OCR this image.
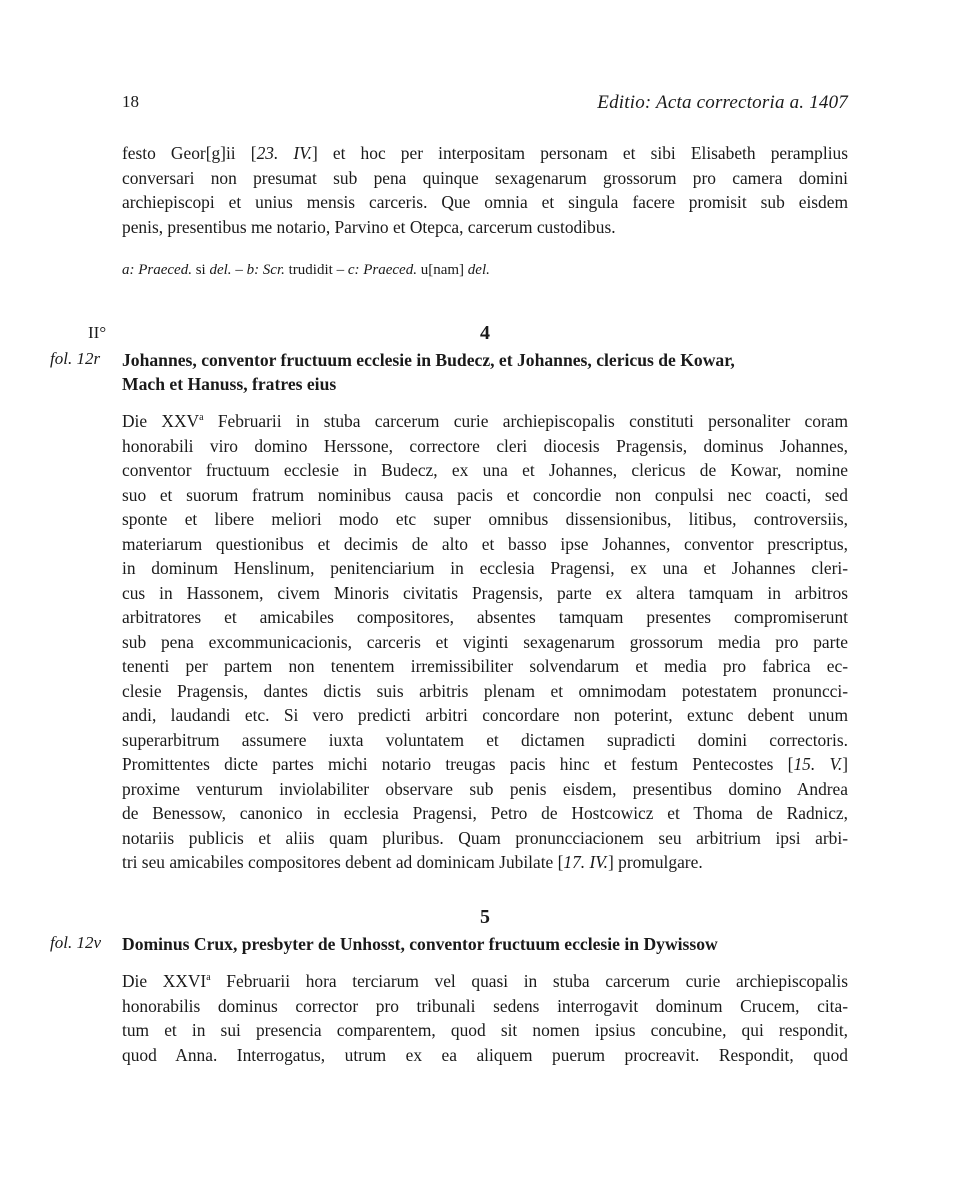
18	Editio: Acta correctoria a. 1407
festo Geor[g]ii [23. IV.] et hoc per interpositam personam et sibi Elisabeth peramplius
conversari non presumat sub pena quinque sexagenarum grossorum pro camera domini
archiepiscopi et unius mensis carceris. Que omnia et singula facere promisit sub eisdem
penis, presentibus me notario, Parvino et Otepca, carcerum custodibus.
a: Praeced. si del. – b: Scr. trudidit – c: Praeced. u[nam] del.
II°	4
fol. 12r Johannes, conventor fructuum ecclesie in Budecz, et Johannes, clericus de Kowar,
Mach et Hanuss, fratres eius
Die XXV$^a$ Februarii in stuba carcerum curie archiepiscopalis constituti personaliter coram
honorabili viro domino Herssone, correctore cleri diocesis Pragensis, dominus Johannes,
conventor fructuum ecclesie in Budecz, ex una et Johannes, clericus de Kowar, nomine
suo et suorum fratrum nominibus causa pacis et concordie non conpulsi nec coacti, sed
sponte et libere meliori modo etc super omnibus dissensionibus, litibus, controversiis,
materiarum questionibus et decimis de alto et basso ipse Johannes, conventor prescriptus,
in dominum Henslinum, penitenciarium in ecclesia Pragensi, ex una et Johannes cleri-
cus in Hassonem, civem Minoris civitatis Pragensis, parte ex altera tamquam in arbitros
arbitratores et amicabiles compositores, absentes tamquam presentes compromiserunt
sub pena excommunicacionis, carceris et viginti sexagenarum grossorum media pro parte
tenenti per partem non tenentem irremissibiliter solvendarum et media pro fabrica ec-
clesie Pragensis, dantes dictis suis arbitris plenam et omnimodam potestatem pronuncci-
andi, laudandi etc. Si vero predicti arbitri concordare non poterint, extunc debent unum
superarbitrum assumere iuxta voluntatem et dictamen supradicti domini correctoris.
Promittentes dicte partes michi notario treugas pacis hinc et festum Pentecostes [15. V.]
proxime venturum inviolabiliter observare sub penis eisdem, presentibus domino Andrea
de Benessow, canonico in ecclesia Pragensi, Petro de Hostcowicz et Thoma de Radnicz,
notariis publicis et aliis quam pluribus. Quam pronuncciacionem seu arbitrium ipsi arbi-
tri seu amicabiles compositores debent ad dominicam Jubilate [17. IV.] promulgare.
5
fol. 12v Dominus Crux, presbyter de Unhosst, conventor fructuum ecclesie in Dywissow
Die XXVI$^a$ Februarii hora terciarum vel quasi in stuba carcerum curie archiepiscopalis
honorabilis dominus corrector pro tribunali sedens interrogavit dominum Crucem, cita-
tum et in sui presencia comparentem, quod sit nomen ipsius concubine, qui respondit,
quod Anna. Interrogatus, utrum ex ea aliquem puerum procreavit. Respondit, quod
